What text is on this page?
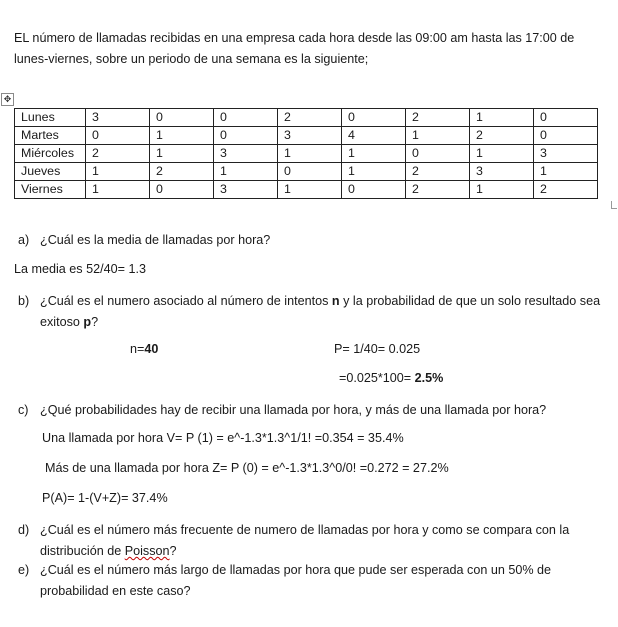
EL número de llamadas recibidas en una empresa cada hora desde las 09:00 am hasta las 17:00 de
lunes-viernes, sobre un periodo de una semana es la siguiente;
✥
Lunes	3	0	0	2	0	2	1	0
Martes	0	1	0	3	4	1	2	0
Miércoles	2	1	3	1	1	0	1	3
Jueves	1	2	1	0	1	2	3	1
Viernes	1	0	3	1	0	2	1	2
a) ¿Cuál es la media de llamadas por hora?
La media es 52/40= 1.3
b) ¿Cuál es el numero asociado al número de intentos n y la probabilidad de que un solo resultado sea exitoso p?
n=40	P= 1/40= 0.025
=0.025*100= 2.5%
c) ¿Qué probabilidades hay de recibir una llamada por hora, y más de una llamada por hora?
Una llamada por hora V= P (1) = e^-1.3*1.3^1/1! =0.354 = 35.4%
Más de una llamada por hora Z= P (0) = e^-1.3*1.3^0/0! =0.272 = 27.2%
P(A)= 1-(V+Z)= 37.4%
d) ¿Cuál es el número más frecuente de numero de llamadas por hora y como se compara con la distribución de Poisson?
e) ¿Cuál es el número más largo de llamadas por hora que pude ser esperada con un 50% de probabilidad en este caso?
